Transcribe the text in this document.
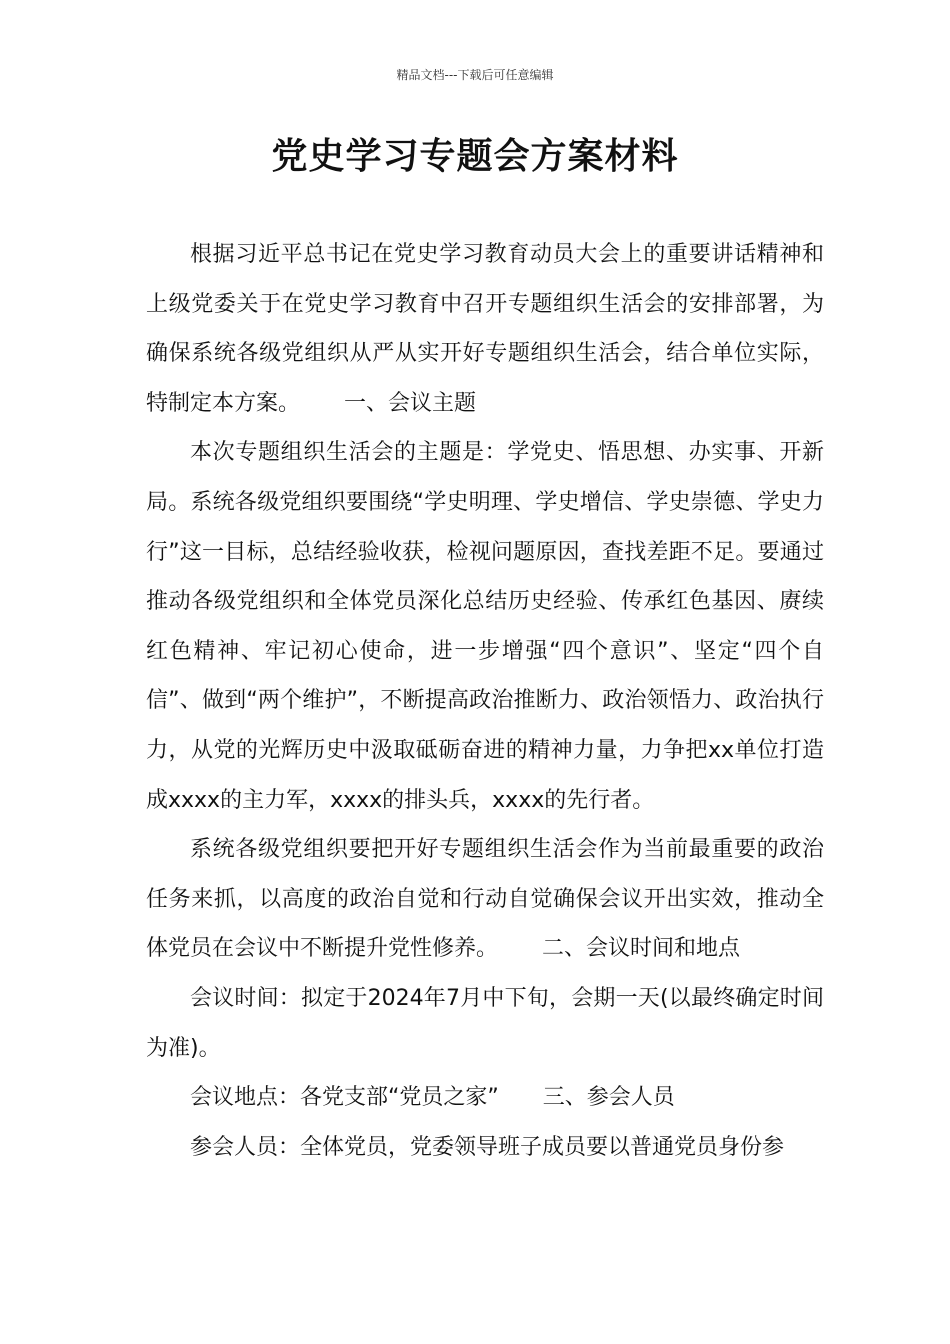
精品文档---下载后可任意编辑
党史学习专题会方案材料

根据习近平总书记在党史学习教育动员大会上的重要讲话精神和上级党委关于在党史学习教育中召开专题组织生活会的安排部署，为确保系统各级党组织从严从实开好专题组织生活会，结合单位实际，特制定本方案。 一、会议主题

本次专题组织生活会的主题是：学党史、悟思想、办实事、开新局。系统各级党组织要围绕“学史明理、学史增信、学史崇德、学史力行”这一目标，总结经验收获，检视问题原因，查找差距不足。要通过推动各级党组织和全体党员深化总结历史经验、传承红色基因、赓续红色精神、牢记初心使命，进一步增强“四个意识”、坚定“四个自信”、做到“两个维护”，不断提高政治推断力、政治领悟力、政治执行力，从党的光辉历史中汲取砥砺奋进的精神力量，力争把xx单位打造成xxxx的主力军，xxxx的排头兵，xxxx的先行者。

系统各级党组织要把开好专题组织生活会作为当前最重要的政治任务来抓，以高度的政治自觉和行动自觉确保会议开出实效，推动全体党员在会议中不断提升党性修养。 二、会议时间和地点

会议时间：拟定于2024年7月中下旬，会期一天(以最终确定时间为准)。

会议地点：各党支部“党员之家” 三、参会人员

参会人员：全体党员，党委领导班子成员要以普通党员身份参
